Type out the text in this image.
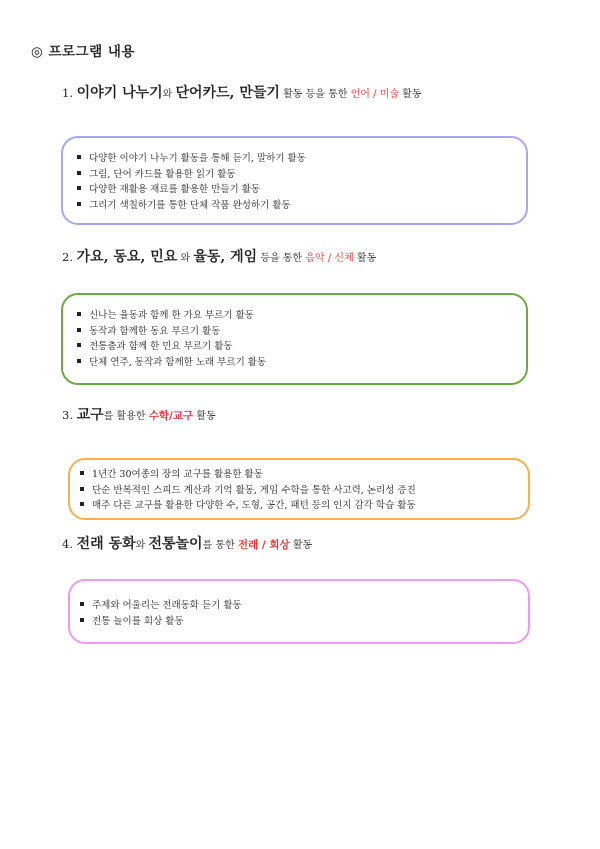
◎ 프로그램 내용
1. 이야기 나누기와 단어카드, 만들기 활동 등을 통한 언어 / 미술 활동
다양한 이야기 나누기 활동을 통해 듣기, 말하기 활동
그림, 단어 카드를 활용한 읽기 활동
다양한 재활용 재료를 활용한 만들기 활동
그리기 색칠하기를 통한 단체 작품 완성하기 활동
2. 가요, 동요, 민요 와 율동, 게임 등을 통한 음악 / 신체 활동
신나는 율동과 함께 한 가요 부르기 활동
동작과 함께한 동요 부르기 활동
전통춤과 함께 한 민요 부르기 활동
단체 연주, 동작과 함께한 노래 부르기 활동
3. 교구를 활용한 수학/교구 활동
1년간 30여종의 장의 교구를 활용한 활동
단순 반복적인 스피드 계산과 기억 활동, 게임 수학을 통한 사고력, 논리성 증진
매주 다른 교구를 활용한 다양한 수, 도형, 공간, 패턴 등의 인지 감각 학습 활동
4. 전래 동화와 전통놀이를 통한 전래 / 회상 활동
주제와 어울리는 전래동화 듣기 활동
전통 놀이를 회상 활동
